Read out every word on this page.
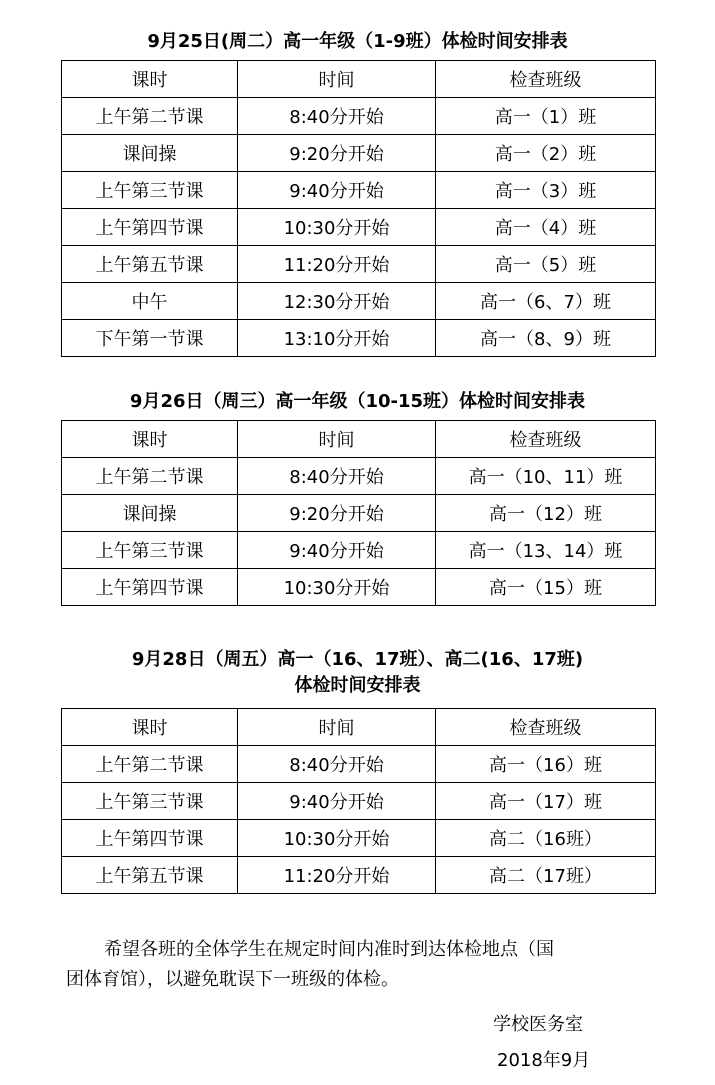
9月25日(周二）高一年级（1-9班）体检时间安排表
课时	时间	检查班级
上午第二节课	8:40分开始	高一（1）班
课间操	9:20分开始	高一（2）班
上午第三节课	9:40分开始	高一（3）班
上午第四节课	10:30分开始	高一（4）班
上午第五节课	11:20分开始	高一（5）班
中午	12:30分开始	高一（6、7）班
下午第一节课	13:10分开始	高一（8、9）班
9月26日（周三）高一年级（10-15班）体检时间安排表
课时	时间	检查班级
上午第二节课	8:40分开始	高一（10、11）班
课间操	9:20分开始	高一（12）班
上午第三节课	9:40分开始	高一（13、14）班
上午第四节课	10:30分开始	高一（15）班
9月28日（周五）高一（16、17班）、高二(16、17班)
体检时间安排表
课时	时间	检查班级
上午第二节课	8:40分开始	高一（16）班
上午第三节课	9:40分开始	高一（17）班
上午第四节课	10:30分开始	高二（16班）
上午第五节课	11:20分开始	高二（17班）
希望各班的全体学生在规定时间内准时到达体检地点（国
团体育馆），以避免耽误下一班级的体检。
学校医务室
2018年9月
